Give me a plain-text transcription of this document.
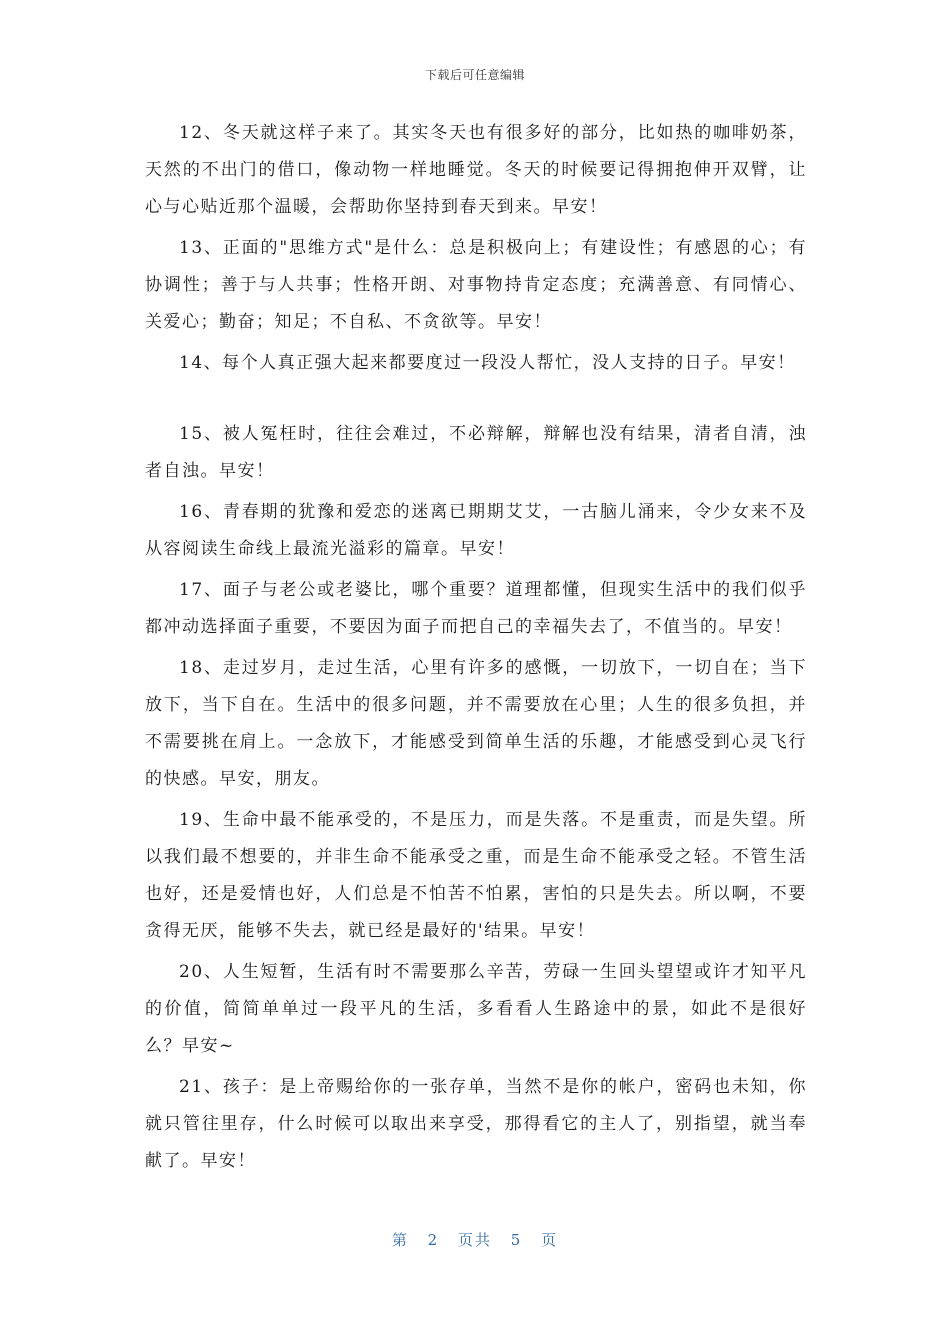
下载后可任意编辑

12、冬天就这样子来了。其实冬天也有很多好的部分，比如热的咖啡奶茶，天然的不出门的借口，像动物一样地睡觉。冬天的时候要记得拥抱伸开双臂，让心与心贴近那个温暖，会帮助你坚持到春天到来。早安！

13、正面的"思维方式"是什么：总是积极向上；有建设性；有感恩的心；有协调性；善于与人共事；性格开朗、对事物持肯定态度；充满善意、有同情心、关爱心；勤奋；知足；不自私、不贪欲等。早安！

14、每个人真正强大起来都要度过一段没人帮忙，没人支持的日子。早安！

15、被人冤枉时，往往会难过，不必辩解，辩解也没有结果，清者自清，浊者自浊。早安！

16、青春期的犹豫和爱恋的迷离已期期艾艾，一古脑儿涌来，令少女来不及从容阅读生命线上最流光溢彩的篇章。早安！

17、面子与老公或老婆比，哪个重要？道理都懂，但现实生活中的我们似乎都冲动选择面子重要，不要因为面子而把自己的幸福失去了，不值当的。早安！

18、走过岁月，走过生活，心里有许多的感慨，一切放下，一切自在；当下放下，当下自在。生活中的很多问题，并不需要放在心里；人生的很多负担，并不需要挑在肩上。一念放下，才能感受到简单生活的乐趣，才能感受到心灵飞行的快感。早安，朋友。

19、生命中最不能承受的，不是压力，而是失落。不是重责，而是失望。所以我们最不想要的，并非生命不能承受之重，而是生命不能承受之轻。不管生活也好，还是爱情也好，人们总是不怕苦不怕累，害怕的只是失去。所以啊，不要贪得无厌，能够不失去，就已经是最好的'结果。早安！

20、人生短暂，生活有时不需要那么辛苦，劳碌一生回头望望或许才知平凡的价值，简简单单过一段平凡的生活，多看看人生路途中的景，如此不是很好么？早安~

21、孩子：是上帝赐给你的一张存单，当然不是你的帐户，密码也未知，你就只管往里存，什么时候可以取出来享受，那得看它的主人了，别指望，就当奉献了。早安！

第 2 页共 5 页
